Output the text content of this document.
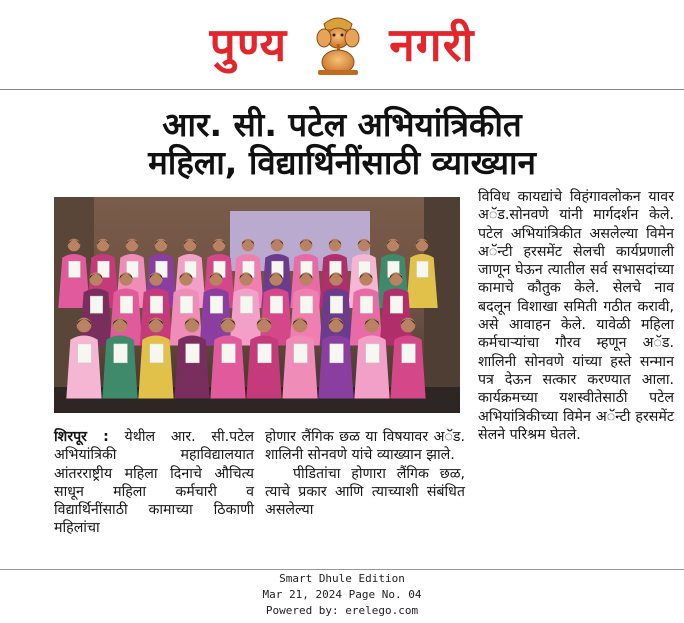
पुण्य नगरी
आर. सी. पटेल अभियांत्रिकीत
महिला, विद्यार्थिनींसाठी व्याख्यान

शिरपूर : येथील आर. सी.पटेल अभियांत्रिकी महाविद्यालयात आंतरराष्ट्रीय महिला दिनाचे औचित्य साधून महिला कर्मचारी व विद्यार्थिनींसाठी कामाच्या ठिकाणी महिलांचा

होणार लैंगिक छळ या विषयावर अॅड. शालिनी सोनवणे यांचे व्याख्यान झाले.

पीडितांचा होणारा लैंगिक छळ, त्याचे प्रकार आणि त्याच्याशी संबंधित असलेल्या

विविध कायद्यांचे विहंगावलोकन यावर अॅड.सोनवणे यांनी मार्गदर्शन केले. पटेल अभियांत्रिकीत असलेल्या विमेन अॅन्टी हरसमेंट सेलची कार्यप्रणाली जाणून घेऊन त्यातील सर्व सभासदांच्या कामाचे कौतुक केले. सेलचे नाव बदलून विशाखा समिती गठीत करावी, असे आवाहन केले. यावेळी महिला कर्मचाऱ्यांचा गौरव म्हणून अॅड. शालिनी सोनवणे यांच्या हस्ते सन्मान पत्र देऊन सत्कार करण्यात आला. कार्यक्रमच्या यशस्वीतेसाठी पटेल अभियांत्रिकीच्या विमेन अॅन्टी हरसमेंट सेलने परिश्रम घेतले.

Smart Dhule Edition
Mar 21, 2024 Page No. 04
Powered by: erelego.com
